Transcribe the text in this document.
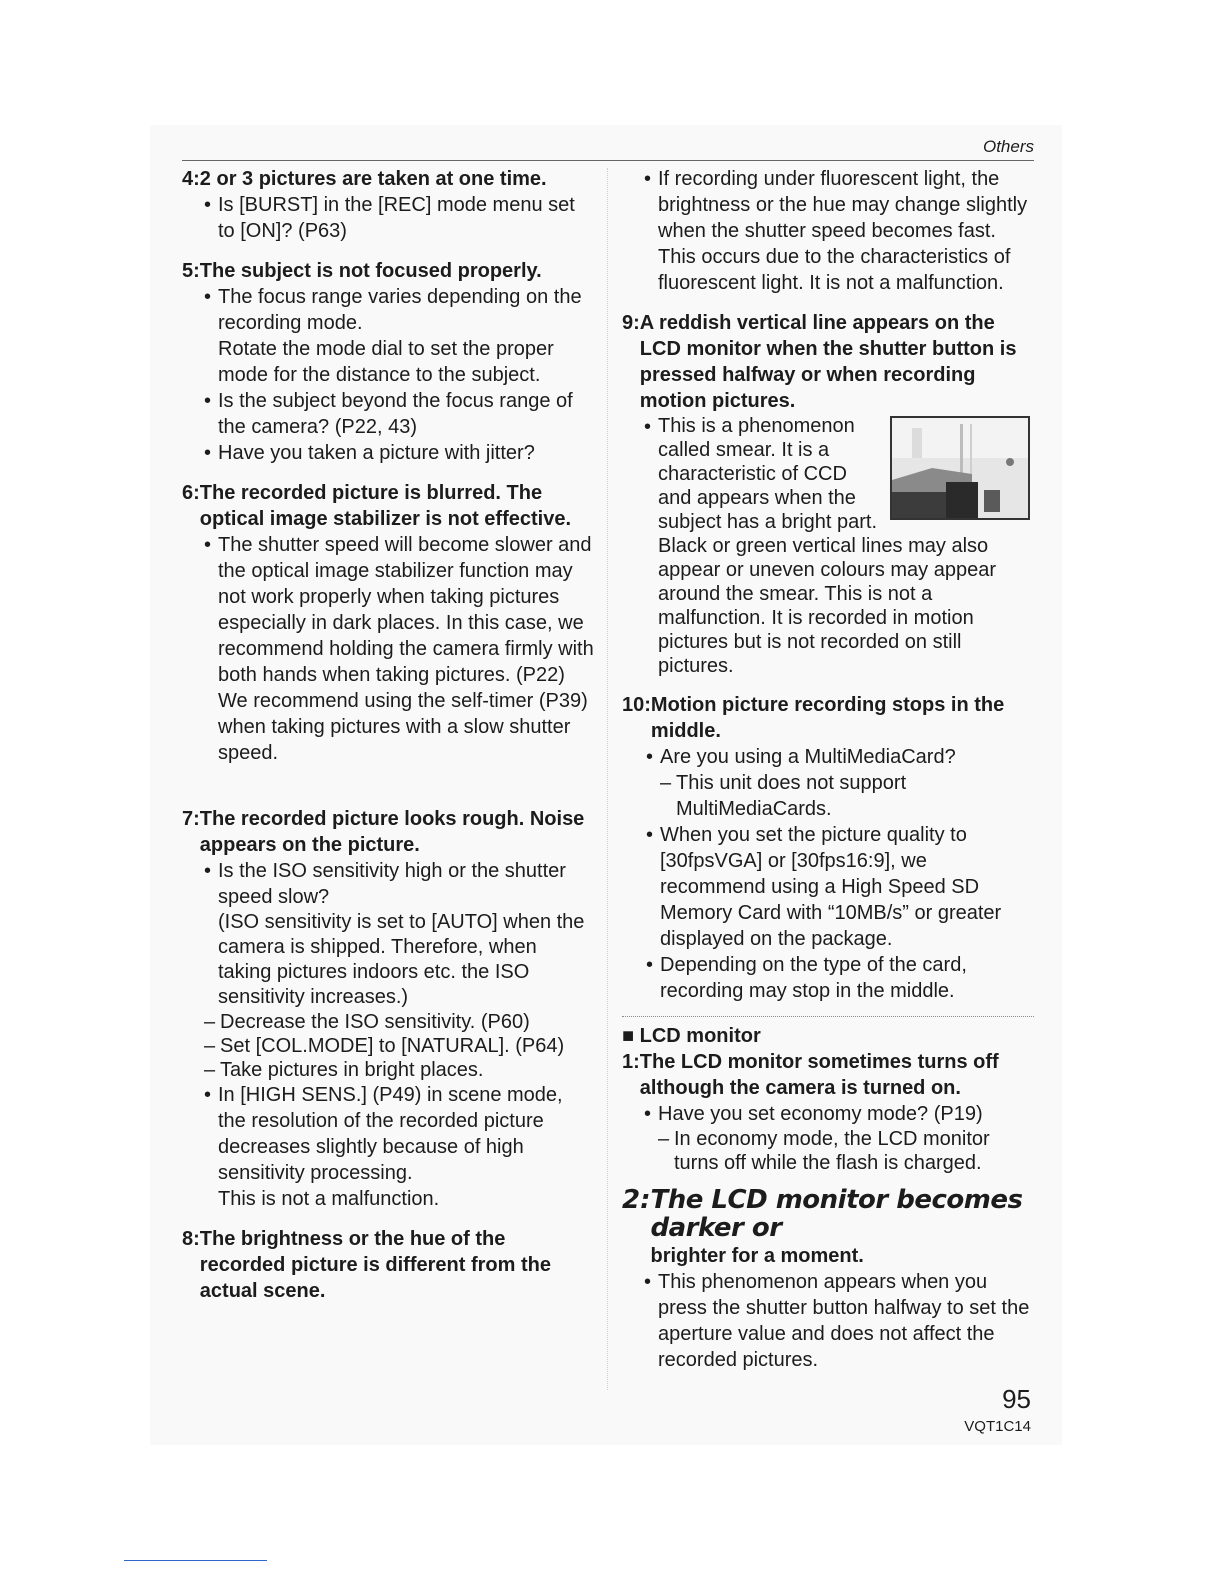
Others
4: 2 or 3 pictures are taken at one time.
• Is [BURST] in the [REC] mode menu set to [ON]? (P63)
5: The subject is not focused properly.
• The focus range varies depending on the recording mode.
Rotate the mode dial to set the proper mode for the distance to the subject.
• Is the subject beyond the focus range of the camera? (P22, 43)
• Have you taken a picture with jitter?
6: The recorded picture is blurred. The optical image stabilizer is not effective.
• The shutter speed will become slower and the optical image stabilizer function may not work properly when taking pictures especially in dark places. In this case, we recommend holding the camera firmly with both hands when taking pictures. (P22) We recommend using the self-timer (P39) when taking pictures with a slow shutter speed.
7: The recorded picture looks rough. Noise appears on the picture.
• Is the ISO sensitivity high or the shutter speed slow?
(ISO sensitivity is set to [AUTO] when the camera is shipped. Therefore, when taking pictures indoors etc. the ISO sensitivity increases.)
– Decrease the ISO sensitivity. (P60)
– Set [COL.MODE] to [NATURAL]. (P64)
– Take pictures in bright places.
• In [HIGH SENS.] (P49) in scene mode, the resolution of the recorded picture decreases slightly because of high sensitivity processing.
This is not a malfunction.
8: The brightness or the hue of the recorded picture is different from the actual scene.
• If recording under fluorescent light, the brightness or the hue may change slightly when the shutter speed becomes fast. This occurs due to the characteristics of fluorescent light. It is not a malfunction.
9: A reddish vertical line appears on the LCD monitor when the shutter button is pressed halfway or when recording motion pictures.
• This is a phenomenon called smear. It is a characteristic of CCD and appears when the subject has a bright part. Black or green vertical lines may also appear or uneven colours may appear around the smear. This is not a malfunction. It is recorded in motion pictures but is not recorded on still pictures.
10: Motion picture recording stops in the middle.
• Are you using a MultiMediaCard?
– This unit does not support MultiMediaCards.
• When you set the picture quality to [30fpsVGA] or [30fps16:9], we recommend using a High Speed SD Memory Card with “10MB/s” or greater displayed on the package.
• Depending on the type of the card, recording may stop in the middle.
■ LCD monitor
1: The LCD monitor sometimes turns off although the camera is turned on.
• Have you set economy mode? (P19)
– In economy mode, the LCD monitor turns off while the flash is charged.
2: The LCD monitor becomes darker or
brighter for a moment.
• This phenomenon appears when you press the shutter button halfway to set the aperture value and does not affect the recorded pictures.
95
VQT1C14
